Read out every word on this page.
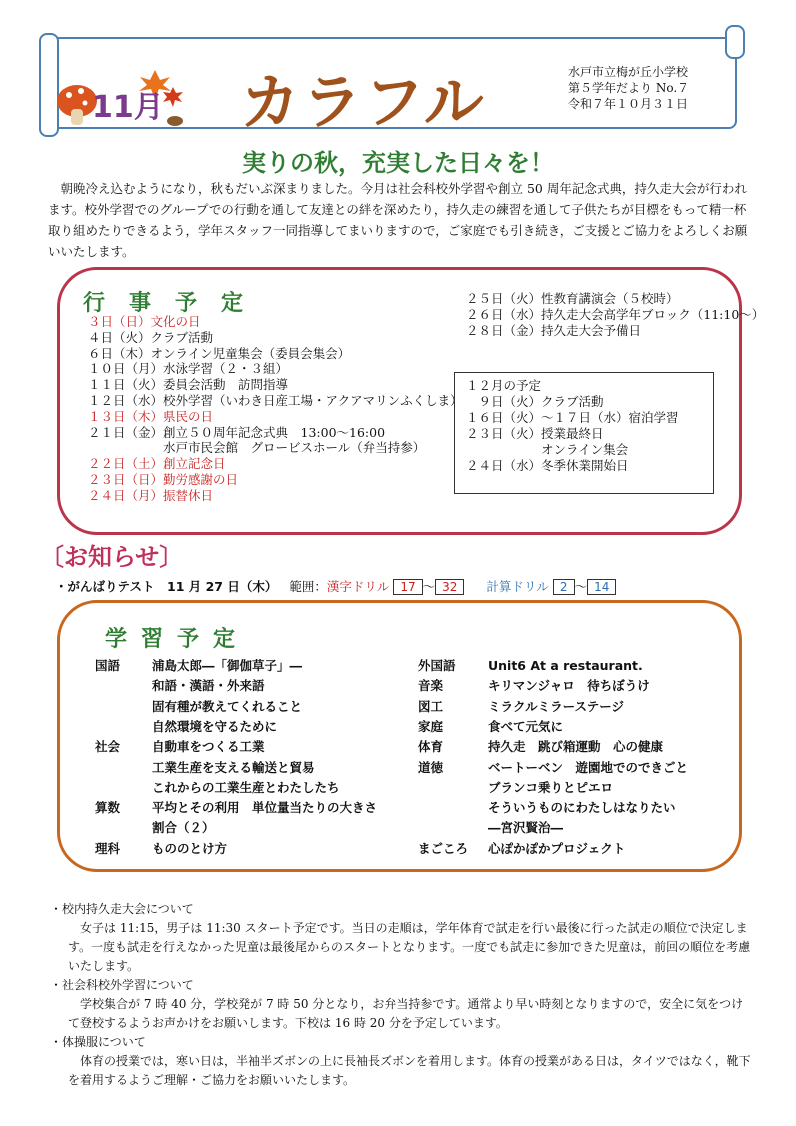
11月 カラフル	水戸市立梅が丘小学校
第５学年だより No.７
令和７年１０月３１日
実りの秋，充実した日々を！
朝晩冷え込むようになり，秋もだいぶ深まりました。今月は社会科校外学習や創立 50 周年記念式典，持久走大会が行われます。校外学習でのグループでの行動を通して友達との絆を深めたり，持久走の練習を通して子供たちが目標をもって精一杯取り組めたりできるよう，学年スタッフ一同指導してまいりますので，ご家庭でも引き続き，ご支援とご協力をよろしくお願いいたします。
行事予定
３日（日）文化の日
４日（火）クラブ活動
６日（木）オンライン児童集会（委員会集会）
１０日（月）水泳学習（２・３組）
１１日（火）委員会活動　訪問指導
１２日（水）校外学習（いわき日産工場・アクアマリンふくしま）
１３日（木）県民の日
２１日（金）創立５０周年記念式典　13:00〜16:00
　　　　　　水戸市民会館　グロービスホール（弁当持参）
２２日（土）創立記念日
２３日（日）勤労感謝の日
２４日（月）振替休日
２５日（火）性教育講演会（５校時）
２６日（水）持久走大会高学年ブロック（11:10〜）
２８日（金）持久走大会予備日
１２月の予定
　９日（火）クラブ活動
１６日（火）〜１７日（水）宿泊学習
２３日（火）授業最終日
　　　　　　オンライン集会
２４日（水）冬季休業開始日
〔お知らせ〕
・がんばりテスト　11 月 27 日（木） 範囲：漢字ドリル 17 〜 32 計算ドリル 2 〜 14
学習予定
国語	浦島太郎―「御伽草子」―
和語・漢語・外来語
固有種が教えてくれること
自然環境を守るために
社会	自動車をつくる工業
工業生産を支える輸送と貿易
これからの工業生産とわたしたち
算数	平均とその利用　単位量当たりの大きさ
割合（２）
理科	もののとけ方
外国語	Unit6 At a restaurant.
音楽	キリマンジャロ　待ちぼうけ
図工	ミラクルミラーステージ
家庭	食べて元気に
体育	持久走　跳び箱運動　心の健康
道徳	ベートーベン　遊園地でのできごと
ブランコ乗りとピエロ
そういうものにわたしはなりたい
―宮沢賢治―
まごころ 心ぽかぽかプロジェクト
・校内持久走大会について
女子は 11:15，男子は 11:30 スタート予定です。当日の走順は，学年体育で試走を行い最後に行った試走の順位で決定します。一度も試走を行えなかった児童は最後尾からのスタートとなります。一度でも試走に参加できた児童は，前回の順位を考慮いたします。
・社会科校外学習について
学校集合が 7 時 40 分，学校発が 7 時 50 分となり，お弁当持参です。通常より早い時刻となりますので，安全に気をつけて登校するようお声かけをお願いします。下校は 16 時 20 分を予定しています。
・体操服について
体育の授業では，寒い日は，半袖半ズボンの上に長袖長ズボンを着用します。体育の授業がある日は，タイツではなく，靴下を着用するようご理解・ご協力をお願いいたします。
